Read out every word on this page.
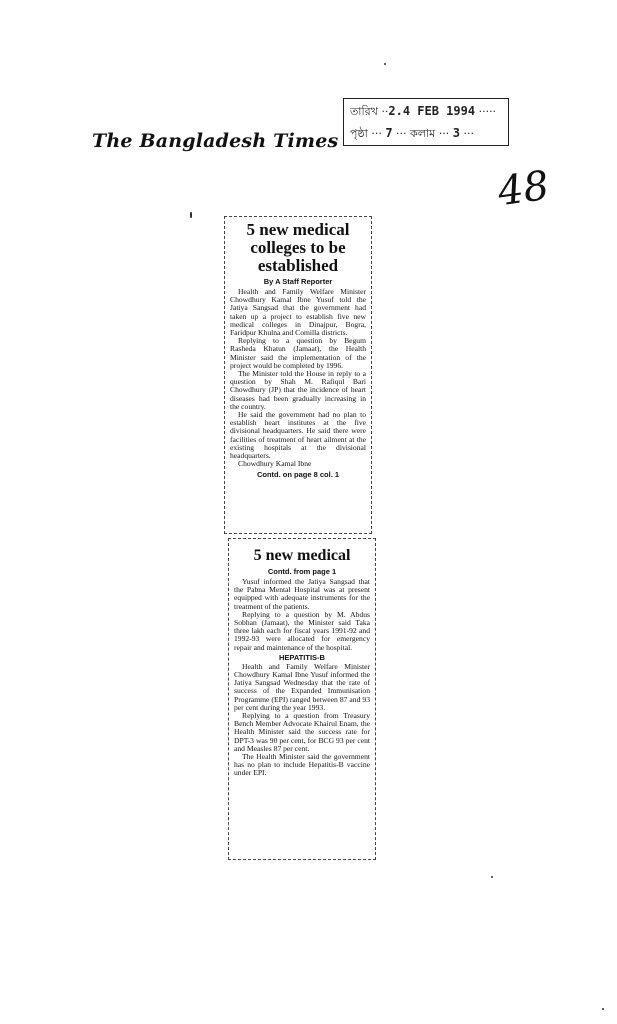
The Bangladesh Times
তারিখ ··2.4 FEB 1994 ·····
পৃষ্ঠা ··· 7 ··· কলাম ··· 3 ···
48
5 new medical colleges to be established
By A Staff Reporter

Health and Family Welfare Minister Chowdhury Kamal Ibne Yusuf told the Jatiya Sangsad that the government had taken up a project to establish five new medical colleges in Dinajpur, Bogra, Faridpur Khulna and Comilla districts.

Replying to a question by Begum Rasheda Khatun (Jamaat), the Health Minister said the implementation of the project would be completed by 1996.

The Minister told the House in reply to a question by Shah M. Rafiqul Bari Chowdhury (JP) that the incidence of heart diseases had been gradually increasing in the country.

He said the government had no plan to establish heart institutes at the five divisional headquarters. He said there were facilities of treatment of heart ailment at the existing hospitals at the divisional headquarters.

Chowdhury Kamal Ibne

Contd. on page 8 col. 1
5 new medical
Contd. from page 1

Yusuf informed the Jatiya Sangsad that the Pabna Mental Hospital was at present equipped with adequate instruments for the treatment of the patients.

Replying to a question by M. Abdus Sobhan (Jamaat), the Minister said Taka three lakh each for fiscal years 1991-92 and 1992-93 were allocated for emergency repair and maintenance of the hospital.

HEPATITIS-B

Health and Family Welfare Minister Chowdhury Kamal Ibne Yusuf informed the Jatiya Sangsad Wednesday that the rate of success of the Expanded Immunisation Programme (EPI) ranged between 87 and 93 per cent during the year 1993.

Replying to a question from Treasury Bench Member Advocate Khairul Enam, the Health Minister said the success rate for DPT-3 was 90 per cent, for BCG 93 per cent and Measles 87 per cent.

The Health Minister said the government has no plan to include Hepatitis-B vaccine under EPI.
